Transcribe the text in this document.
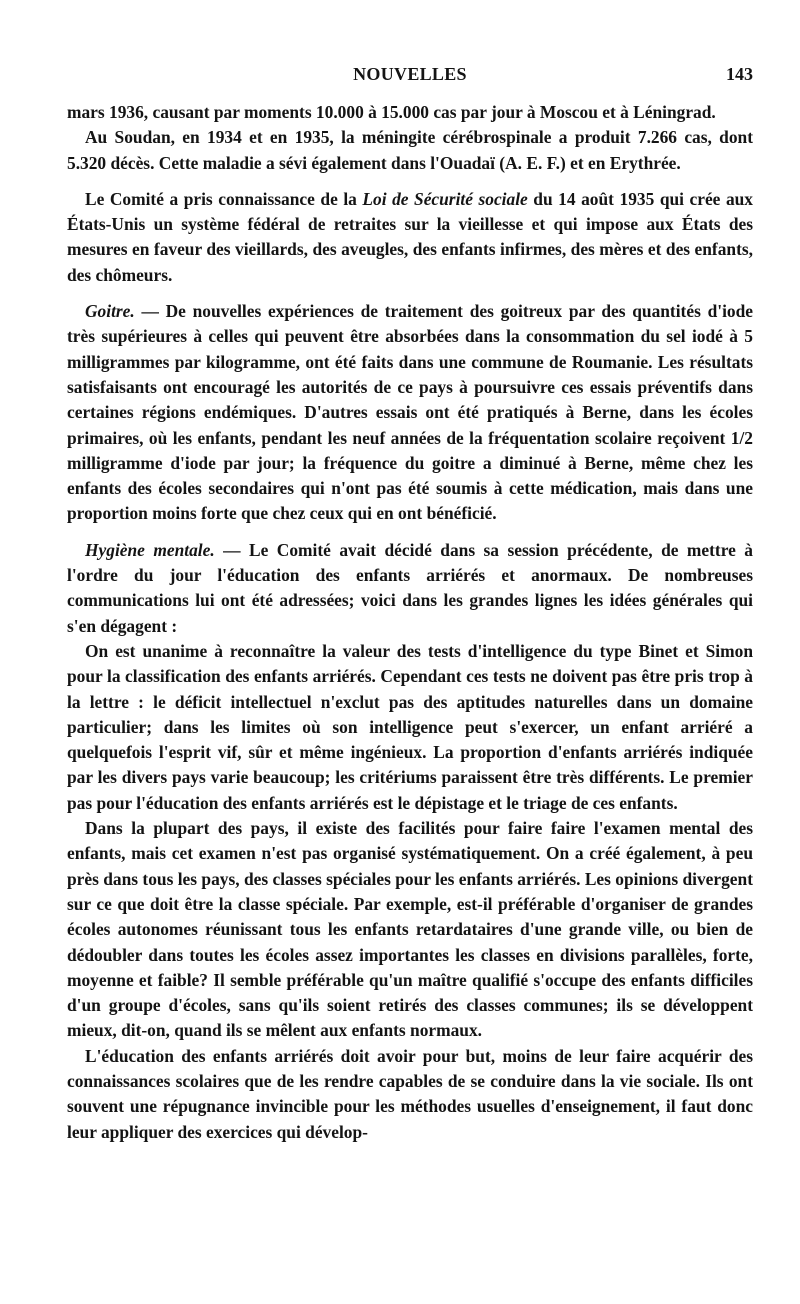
NOUVELLES	143

mars 1936, causant par moments 10.000 à 15.000 cas par jour à Moscou et à Léningrad.

Au Soudan, en 1934 et en 1935, la méningite cérébrospinale a produit 7.266 cas, dont 5.320 décès. Cette maladie a sévi également dans l'Ouadaï (A. E. F.) et en Erythrée.

Le Comité a pris connaissance de la Loi de Sécurité sociale du 14 août 1935 qui crée aux États-Unis un système fédéral de retraites sur la vieillesse et qui impose aux États des mesures en faveur des vieillards, des aveugles, des enfants infirmes, des mères et des enfants, des chômeurs.

Goitre. — De nouvelles expériences de traitement des goitreux par des quantités d'iode très supérieures à celles qui peuvent être absorbées dans la consommation du sel iodé à 5 milligrammes par kilogramme, ont été faits dans une commune de Roumanie. Les résultats satisfaisants ont encouragé les autorités de ce pays à poursuivre ces essais préventifs dans certaines régions endémiques. D'autres essais ont été pratiqués à Berne, dans les écoles primaires, où les enfants, pendant les neuf années de la fréquentation scolaire reçoivent 1/2 milligramme d'iode par jour; la fréquence du goitre a diminué à Berne, même chez les enfants des écoles secondaires qui n'ont pas été soumis à cette médication, mais dans une proportion moins forte que chez ceux qui en ont bénéficié.

Hygiène mentale. — Le Comité avait décidé dans sa session précédente, de mettre à l'ordre du jour l'éducation des enfants arriérés et anormaux. De nombreuses communications lui ont été adressées; voici dans les grandes lignes les idées générales qui s'en dégagent :

On est unanime à reconnaître la valeur des tests d'intelligence du type Binet et Simon pour la classification des enfants arriérés. Cependant ces tests ne doivent pas être pris trop à la lettre : le déficit intellectuel n'exclut pas des aptitudes naturelles dans un domaine particulier; dans les limites où son intelligence peut s'exercer, un enfant arriéré a quelquefois l'esprit vif, sûr et même ingénieux. La proportion d'enfants arriérés indiquée par les divers pays varie beaucoup; les critériums paraissent être très différents. Le premier pas pour l'éducation des enfants arriérés est le dépistage et le triage de ces enfants.

Dans la plupart des pays, il existe des facilités pour faire faire l'examen mental des enfants, mais cet examen n'est pas organisé systématiquement. On a créé également, à peu près dans tous les pays, des classes spéciales pour les enfants arriérés. Les opinions divergent sur ce que doit être la classe spéciale. Par exemple, est-il préférable d'organiser de grandes écoles autonomes réunissant tous les enfants retardataires d'une grande ville, ou bien de dédoubler dans toutes les écoles assez importantes les classes en divisions parallèles, forte, moyenne et faible? Il semble préférable qu'un maître qualifié s'occupe des enfants difficiles d'un groupe d'écoles, sans qu'ils soient retirés des classes communes; ils se développent mieux, dit-on, quand ils se mêlent aux enfants normaux.

L'éducation des enfants arriérés doit avoir pour but, moins de leur faire acquérir des connaissances scolaires que de les rendre capables de se conduire dans la vie sociale. Ils ont souvent une répugnance invincible pour les méthodes usuelles d'enseignement, il faut donc leur appliquer des exercices qui dévelop-
